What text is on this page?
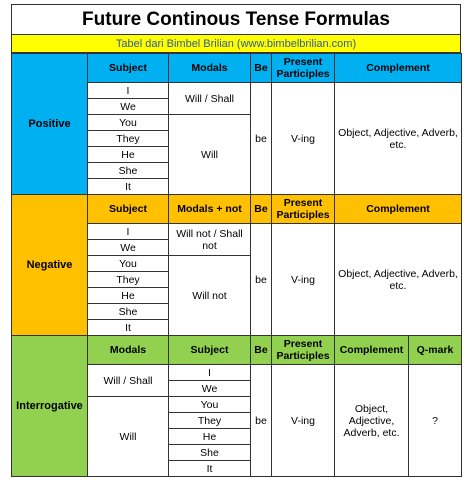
Future Continous Tense Formulas
Tabel dari Bimbel Brilian (www.bimbelbrilian.com)
Positive	Subject	Modals	Be	Present Participles	Complement	
	I	Will / Shall	be	V-ing	Object, Adjective, Adverb, etc.	
	We					
	You	Will				
	They					
	He					
	She					
	It					
Negative	Subject	Modals + not	Be	Present Participles	Complement	
	I	Will not / Shall not	be	V-ing	Object, Adjective, Adverb, etc.	
	We					
	You	Will not				
	They					
	He					
	She					
	It					
Interrogative	Modals	Subject	Be	Present Participles	Complement	Q-mark
	Will / Shall	I	be	V-ing	Object, Adjective, Adverb, etc.	?
		We				
	Will	You				
		They				
		He				
		She				
		It				
